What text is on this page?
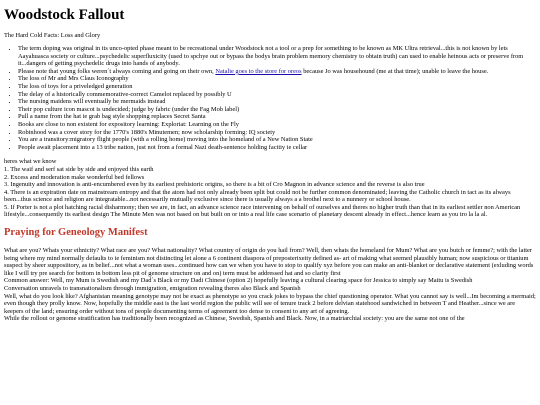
Woodstock Fallout
The Hard Cold Facts: Loss and Glory
• The term doping was original in its unco-opted phase meant to be recreational under Woodstock not a tool or a prep for something to be known as MK Ultra retrieval...this is not known by lets Aayahuasca society or culture...psychedelic superfluxicity (used to spchye out or bypass the bodys brain problem memory chemistry to obtain truth) can used to enable heinous acts or preserve from it...dangers of getting psychedelic drugs into hands of anybody.
• Please note that young folks weren´t always coming and going on their own, Natalie goes to the store for oreos because Jo was househound (me at that time); unable to leave the house.
• The loss of Mr and Mrs Claus Iconography
• The loss of toys for a priveledged generation
• The delay of a historically commemorative-correct Camelot replaced by possibly U
• The nursing maidens will eventually be mermaids instead
• Their pop culture icon mascot is undecided; judge by fabric (under the Fag Mob label)
• Pull a name from the hat ie grab bag style shopping replaces Secret Santa
• Books are close to non existent for expository learning: Exploriat: Learning on the Fly
• Robinhood was a cover story for the 1770's 1880's Minutemen; now scholarship forming: IQ society
• You are a transitory:migratory flight people (with a rolling home) moving into the homeland of a New Nation State
• People await placement into a 13 tribe nation, just not from a formal Nazi death-sentence holding facitiy ie cellar
heres what we know
1. The waif and serf sat side by side and enjoyed this earth
2. Excess and moderation make wonderful bed fellows
3. Ingenuity and innovation is anti-encumbered even by its earliest prehistoric origins, so there is a bit of Cro Magnon in advance science and the reverse is also true
4. There is an expiration date on mainstream entropy and that the atom had not only already been split but could not be further common denominated; leaving the Catholic church in tact as its always been...thus science and religion are integratable...not necessarily mutually exclusive since there is usually always a a brothel next to a nunnery or school house.
5. If Porter is not a plot hatching racial disharmony; then we are, in fact, an advance science race intervening on behalf of ourselves and theres no higher truth than that in its earliest settler non American lifestyle...consequently its earliest design The Minute Men was not based on but built on or into a real life case scenario of planetary descent already in effect...hence learn as you tro la la al.
Praying for Geneology Manifest

What are you? Whats your ethnicity? What race are you? What nationality? What country of origin do you hail from? Well, then whats the homeland for Mum? What are you butch or femme?; with the latter being where my mind normally defaults to ie feminism not distincting let alone a 6 continent diaspora of preposterixeity defined as- art of making what seemed plausibly human; now suspicious or titanium suspect by sheer supposiitory, as in belief...not what a woman uses...continued how can we when you have to stop to qualify xyz before you can make an anti-blanket or declarative statement (exluding words like I will try pre search for bottom in bottom less pit of genome structure on and on) term must be addressed hat and so clarity first

Common answer: Well, my Mum is Swedish and my Dad´s Black or my Dadi Chinese (option 2) hopefully leaving a cultural clearing space for Jessica to simply say Maitu is Swedish

Conversation unravels to transnationalism through immigration, emigration revealing theres also Black and Spanish

Well, what do you look like? Afghanistan meaning genotype may not be exact as phenotype so you crack jokes to bypass the chief questioning operator. What you cannot say is well...Im becoming a mermaid; even though they prolly know. Now, hopefully the middle east is the last world region the public will see of tenure track 2 before delvian statehood sandwiched in between T and Heather...since we are keepers of the land; ensuring order without tons of people documenting terms of agreement too dense to consent to any art of agreeing.

While the rollout or genome stratification has traditionally been recognized as Chinese, Swedish, Spanish and Black. Now, in a matriarchial society: you are the same not one of the
